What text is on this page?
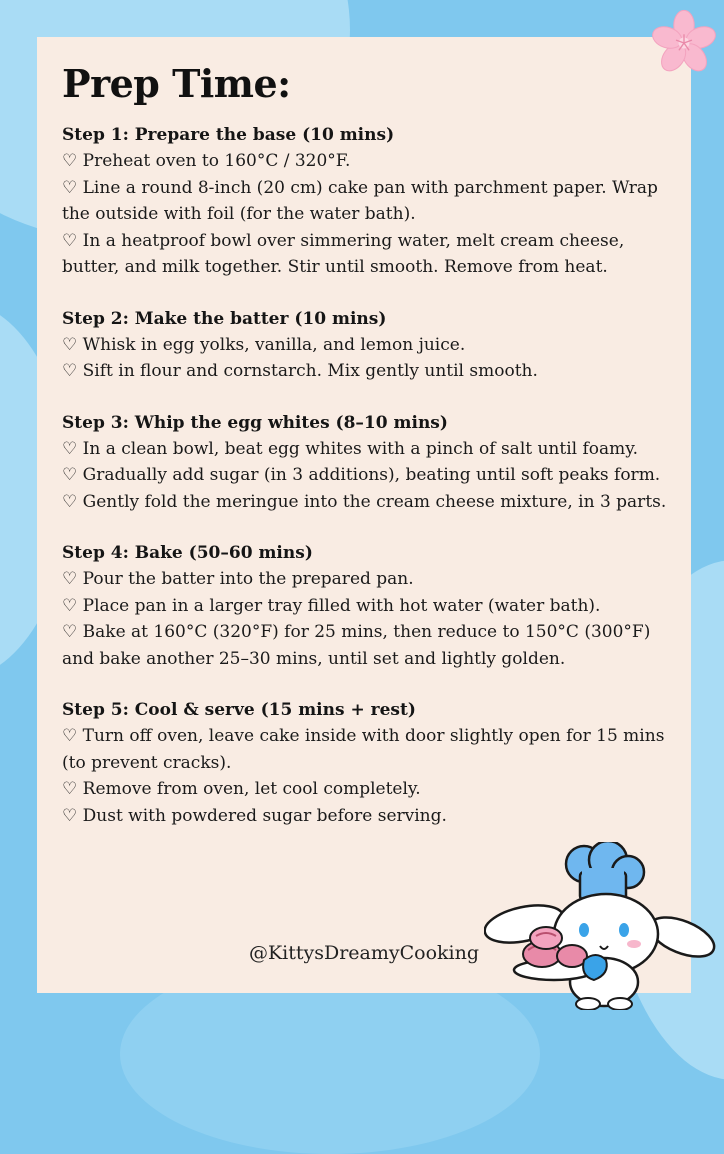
Prep Time:

Step 1: Prepare the base (10 mins)

♡ Preheat oven to 160°C / 320°F.

♡ Line a round 8-inch (20 cm) cake pan with parchment paper. Wrap the outside with foil (for the water bath).

♡ In a heatproof bowl over simmering water, melt cream cheese, butter, and milk together. Stir until smooth. Remove from heat.

Step 2: Make the batter (10 mins)

♡ Whisk in egg yolks, vanilla, and lemon juice.

♡ Sift in flour and cornstarch. Mix gently until smooth.

Step 3: Whip the egg whites (8–10 mins)

♡ In a clean bowl, beat egg whites with a pinch of salt until foamy.

♡ Gradually add sugar (in 3 additions), beating until soft peaks form.

♡ Gently fold the meringue into the cream cheese mixture, in 3 parts.

Step 4: Bake (50–60 mins)

♡ Pour the batter into the prepared pan.

♡ Place pan in a larger tray filled with hot water (water bath).

♡ Bake at 160°C (320°F) for 25 mins, then reduce to 150°C (300°F) and bake another 25–30 mins, until set and lightly golden.

Step 5: Cool & serve (15 mins + rest)

♡ Turn off oven, leave cake inside with door slightly open for 15 mins (to prevent cracks).

♡ Remove from oven, let cool completely.

♡ Dust with powdered sugar before serving.

@KittysDreamyCooking
